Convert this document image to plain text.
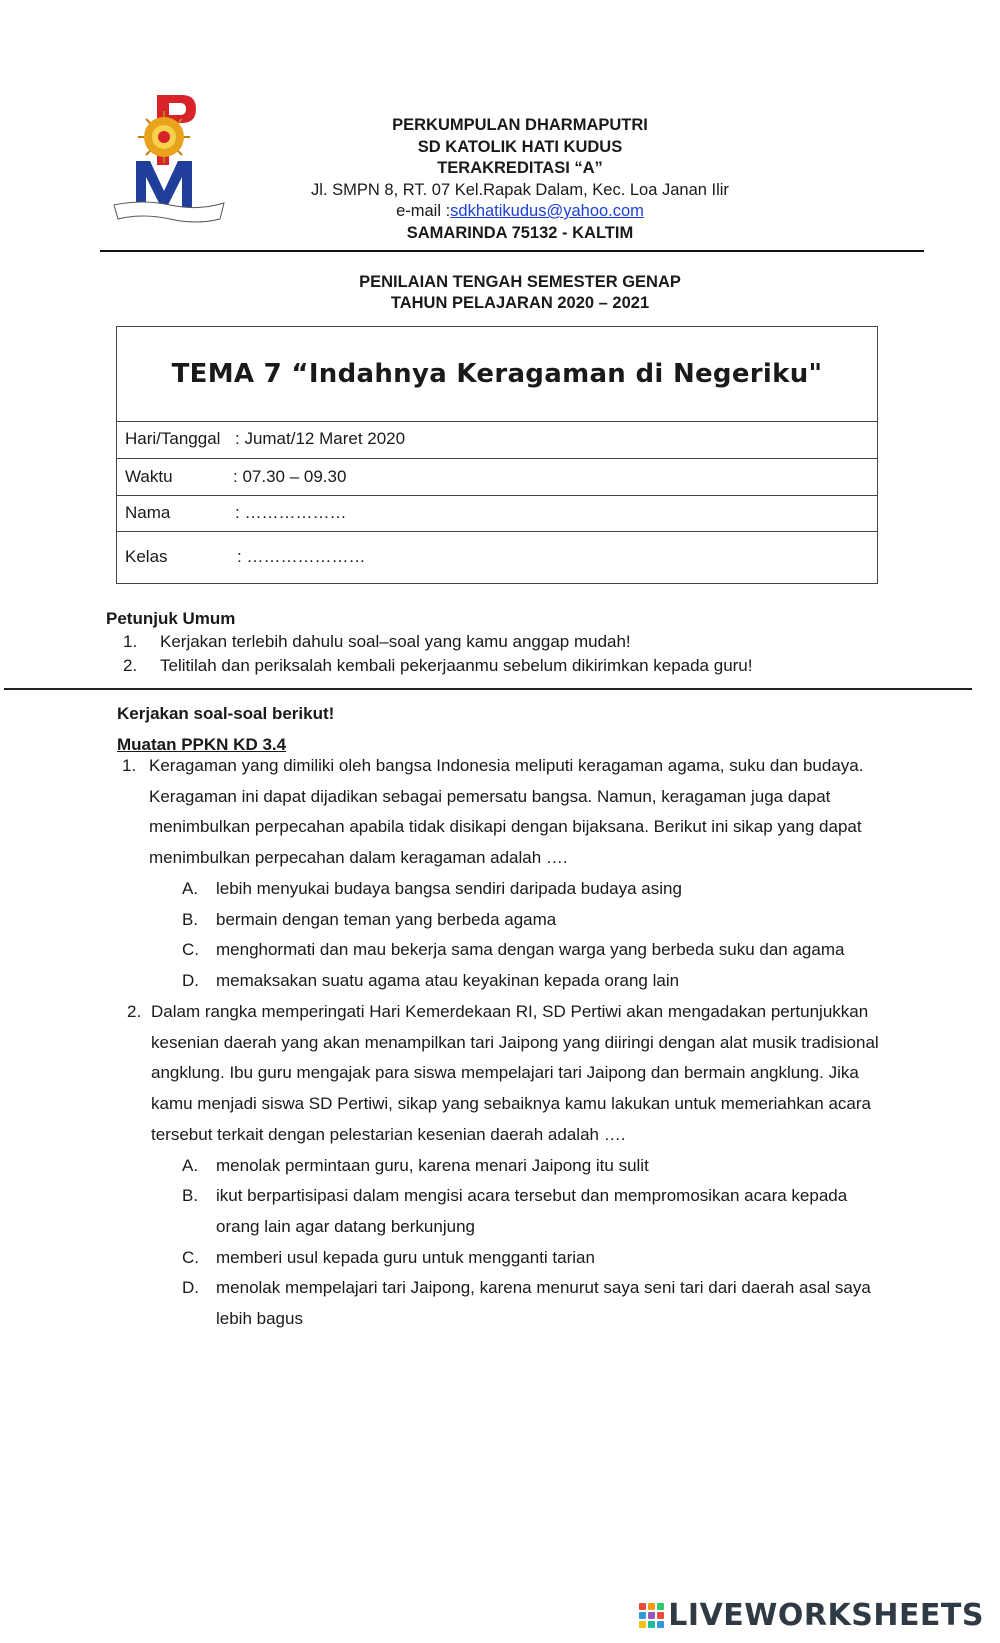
PERKUMPULAN DHARMAPUTRI
SD KATOLIK HATI KUDUS
TERAKREDITASI “A”
Jl. SMPN 8, RT. 07 Kel.Rapak Dalam, Kec. Loa Janan Ilir
e-mail :sdkhatikudus@yahoo.com
SAMARINDA 75132 - KALTIM
PENILAIAN TENGAH SEMESTER GENAP
TAHUN PELAJARAN 2020 – 2021
TEMA 7 “Indahnya Keragaman di Negeriku"
Hari/Tanggal : Jumat/12 Maret 2020
Waktu	: 07.30 – 09.30
Nama	: ………………
Kelas	: …………………
Petunjuk Umum
1. Kerjakan terlebih dahulu soal–soal yang kamu anggap mudah!
2. Telitilah dan periksalah kembali pekerjaanmu sebelum dikirimkan kepada guru!
Kerjakan soal-soal berikut!
Muatan PPKN KD 3.4
1. Keragaman yang dimiliki oleh bangsa Indonesia meliputi keragaman agama, suku dan budaya.
Keragaman ini dapat dijadikan sebagai pemersatu bangsa. Namun, keragaman juga dapat
menimbulkan perpecahan apabila tidak disikapi dengan bijaksana. Berikut ini sikap yang dapat
menimbulkan perpecahan dalam keragaman adalah ….
A. lebih menyukai budaya bangsa sendiri daripada budaya asing
B. bermain dengan teman yang berbeda agama
C. menghormati dan mau bekerja sama dengan warga yang berbeda suku dan agama
D. memaksakan suatu agama atau keyakinan kepada orang lain
2. Dalam rangka memperingati Hari Kemerdekaan RI, SD Pertiwi akan mengadakan pertunjukkan
kesenian daerah yang akan menampilkan tari Jaipong yang diiringi dengan alat musik tradisional
angklung. Ibu guru mengajak para siswa mempelajari tari Jaipong dan bermain angklung. Jika
kamu menjadi siswa SD Pertiwi, sikap yang sebaiknya kamu lakukan untuk memeriahkan acara
tersebut terkait dengan pelestarian kesenian daerah adalah ….
A. menolak permintaan guru, karena menari Jaipong itu sulit
B. ikut berpartisipasi dalam mengisi acara tersebut dan mempromosikan acara kepada
orang lain agar datang berkunjung
C. memberi usul kepada guru untuk mengganti tarian
D. menolak mempelajari tari Jaipong, karena menurut saya seni tari dari daerah asal saya
lebih bagus
LIVEWORKSHEETS
